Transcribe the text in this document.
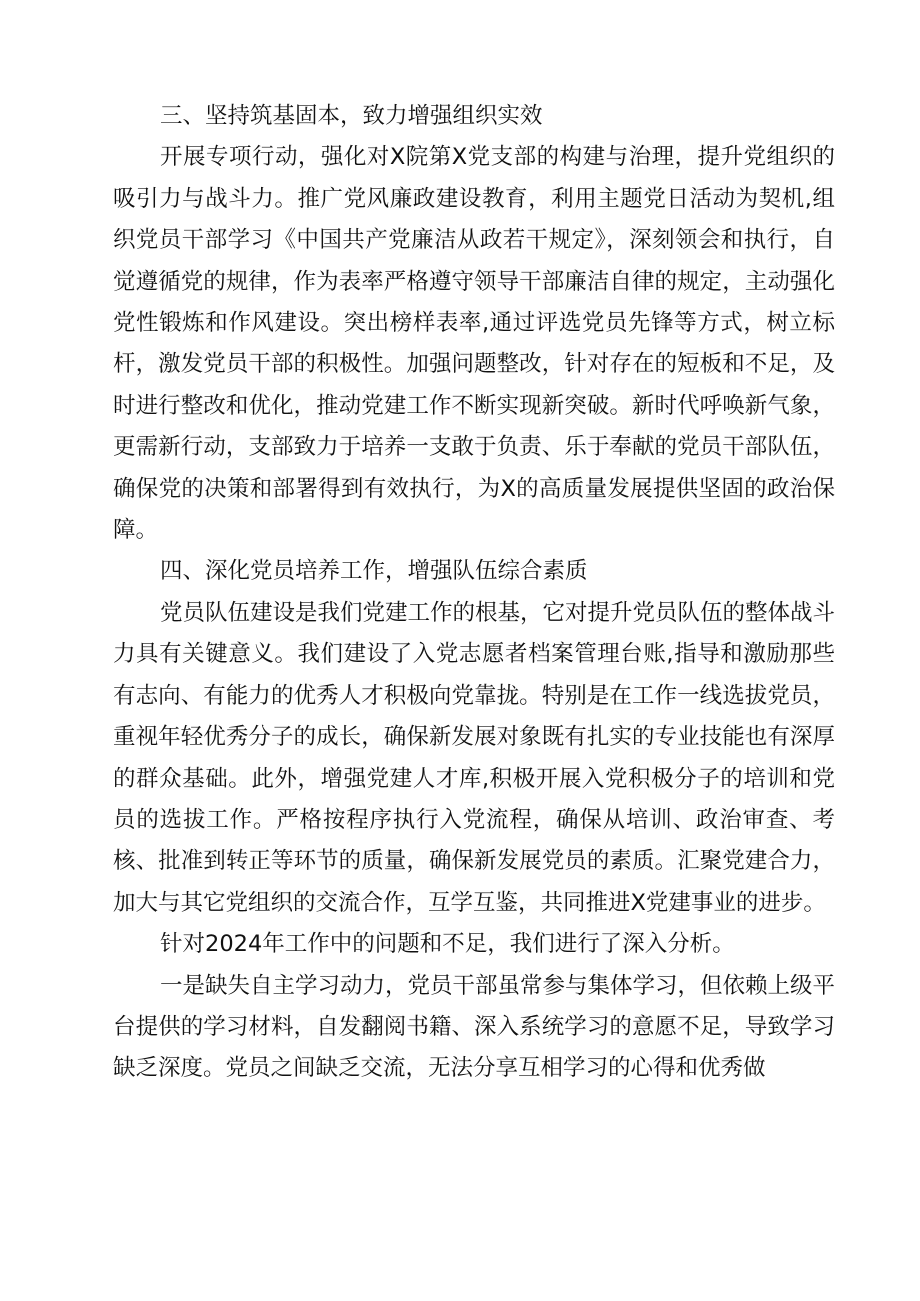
三、坚持筑基固本，致力增强组织实效

开展专项行动，强化对X院第X党支部的构建与治理，提升党组织的吸引力与战斗力。推广党风廉政建设教育，利用主题党日活动为契机,组织党员干部学习《中国共产党廉洁从政若干规定》，深刻领会和执行，自觉遵循党的规律，作为表率严格遵守领导干部廉洁自律的规定，主动强化党性锻炼和作风建设。突出榜样表率,通过评选党员先锋等方式，树立标杆，激发党员干部的积极性。加强问题整改，针对存在的短板和不足，及时进行整改和优化，推动党建工作不断实现新突破。新时代呼唤新气象，更需新行动，支部致力于培养一支敢于负责、乐于奉献的党员干部队伍，确保党的决策和部署得到有效执行，为X的高质量发展提供坚固的政治保障。

四、深化党员培养工作，增强队伍综合素质

党员队伍建设是我们党建工作的根基，它对提升党员队伍的整体战斗力具有关键意义。我们建设了入党志愿者档案管理台账,指导和激励那些有志向、有能力的优秀人才积极向党靠拢。特别是在工作一线选拔党员，重视年轻优秀分子的成长，确保新发展对象既有扎实的专业技能也有深厚的群众基础。此外，增强党建人才库,积极开展入党积极分子的培训和党员的选拔工作。严格按程序执行入党流程，确保从培训、政治审查、考核、批准到转正等环节的质量，确保新发展党员的素质。汇聚党建合力，加大与其它党组织的交流合作，互学互鉴，共同推进X党建事业的进步。

针对2024年工作中的问题和不足，我们进行了深入分析。

一是缺失自主学习动力，党员干部虽常参与集体学习，但依赖上级平台提供的学习材料，自发翻阅书籍、深入系统学习的意愿不足，导致学习缺乏深度。党员之间缺乏交流，无法分享互相学习的心得和优秀做
